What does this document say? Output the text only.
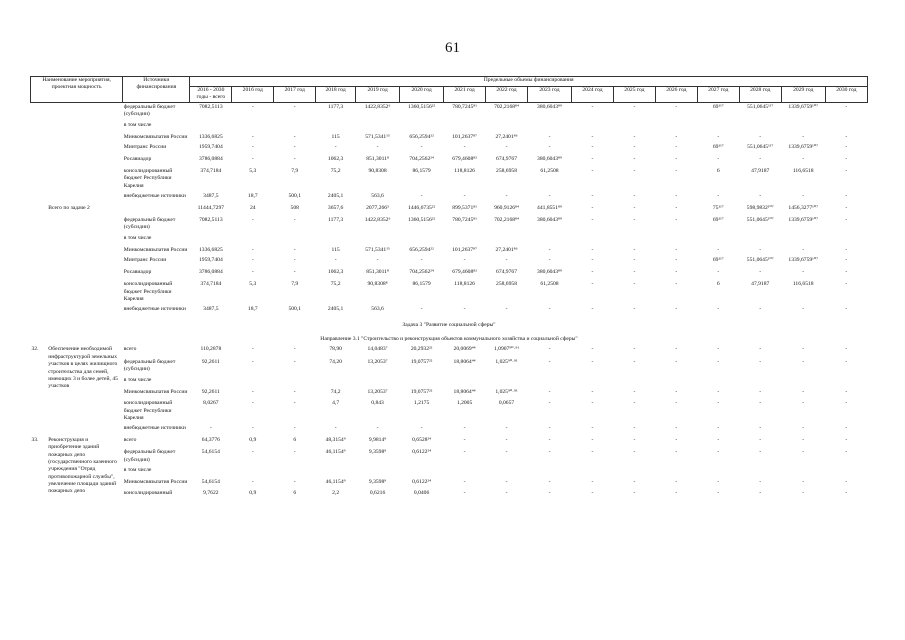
61
Наименование мероприятия, проектная мощность		Источники финансирования	Предельные объемы финансирования															
			2016 - 2030 годы - всего	2016 год	2017 год	2018 год	2019 год	2020 год	2021 год	2022 год	2023 год	2024 год	2025 год	2026 год	2027 год	2028 год	2029 год	2030 год
		федеральный бюджет (субсидии)	7082,5113	-	-	1177,3	1422,8352⁶	1360,5156²²	780,7245⁸¹	702,2168⁸⁴	380,6043⁸⁹	-	-	-	69¹¹⁷	551,0645¹¹⁷	1339,6759¹⁰⁷	-
		в том числе																
		Минкомсвязьпатия России	1336,6825	-	-	115	571,5341¹⁵	656,2594²²	101,2637⁸⁷	27,2401⁸⁶	-	-	-	-	-	-	-	-
		Минтранс России	1959,7404	-	-	-	-	-	-	-	-	-	-	-	69¹¹⁷	551,0645¹¹⁷	1339,6759¹⁰⁷	-
		Росавиадор	3786,0884	-	-	1062,3	851,3011⁸	704,2562²⁴	679,4608⁸²	674,9767	380,6043⁸⁹	-	-	-	-	-	-	-
		консолидированный бюджет Республики Карелия	374,7184	5,3	7,9	75,2	90,8308	86,1579	118,8126	258,6958	61,2508	-	-	-	6	47,9187	116,6518	-
		внебюджетные источники	3487,5	18,7	500,1	2405,1	563,6	-	-	-	-	-	-	-	-	-	-	-
	Всего по задаче 2		11444,7297	24	508	3657,6	2077,266⁵	1446,6735²²	899,5371⁸¹	960,9126⁸⁴	441,8551⁸⁹	-	-	-	75¹¹⁷	598,9832¹⁰⁷	1456,3277¹⁰⁷	-
		федеральный бюджет (субсидии)	7082,5113	-	-	1177,3	1422,8352⁶	1360,5156²²	780,7245⁸¹	702,2168⁸⁴	380,6043⁸⁹	-	-	-	69¹¹⁷	551,0645¹⁰⁷	1339,6759¹⁰⁷	-
		в том числе																
		Минкомсвязьпатия России	1336,6825	-	-	115	571,5341¹⁵	656,2594²²	101,2637⁸⁷	27,2401⁸⁶	-	-	-	-	-	-	-	-
		Минтранс России	1959,7404	-	-	-	-	-	-	-	-	-	-	-	69¹¹⁷	551,0645¹⁰⁷	1339,6759¹⁰⁷	-
		Росавиадор	3786,0884	-	-	1062,3	851,3011⁸	704,2562²⁴	679,4608⁸²	674,9767	380,6043⁸⁹	-	-	-	-	-	-	-
		консолидированный бюджет Республики Карелия	374,7184	5,3	7,9	75,2	90,8308⁸	86,1579	118,8126	258,6958	61,2508	-	-	-	6	47,9187	116,6518	-
		внебюджетные источники	3487,5	18,7	500,1	2405,1	563,6	-	-	-	-	-	-	-	-	-	-	-
Задача 3 "Развитие социальной сферы"																		
Направление 3.1 "Строительство и реконструкция объектов коммунального хозяйства и социальной сферы"																		
32.	Обеспечение необходимой инфраструктурой земельных участков в целях жилищного строительства для семей, имеющих 3 и более детей, 45 участков	всего	110,2878	-	-	78,90	14,0483⁷	20,2932²²	20,0069⁴⁴	1,0907⁹⁰·⁹¹	-	-	-	-	-	-	-	-
		федеральный бюджет (субсидии)	92,2611	-	-	74,20	13,2053⁷	19,0757²²	18,8064⁴⁴	1,025⁹⁰·⁹¹	-	-	-	-	-	-	-	-
		в том числе																
		Минкомсвязьпатия России	92,2611	-	-	74,2	13,2053⁷	19,0757²²	18,8064⁴⁴	1,025⁹⁰·⁹¹	-	-	-	-	-	-	-	-
		консолидированный бюджет Республики Карелия	8,0267	-	-	4,7	0,843	1,2175	1,2005	0,0657	-	-	-	-	-	-	-	-
		внебюджетные источники	-	-	-	-	-	-	-	-	-	-	-	-	-	-	-	-
33.	Реконструкция и приобретение зданий пожарных депо (государственного казенного учреждения "Отряд противопожарной службы", увеличение площади зданий пожарных депо	всего	64,3776	0,9	6	48,3154⁹	9,9814⁹	0,6528²⁴	-	-	-	-	-	-	-	-	-	-
		федеральный бюджет (субсидии)	54,6154	-	-	46,1154⁹	9,3598⁹	0,6122²⁴	-	-	-	-	-	-	-	-	-	-
		в том числе																
		Минкомсвязьпатия России	54,6154	-	-	46,1154⁹	9,3598⁹	0,6122²⁴	-	-	-	-	-	-	-	-	-	-
		консолидированный	9,7622	0,9	6	2,2	0,6216	0,0406	-	-	-	-	-	-	-	-	-	-
